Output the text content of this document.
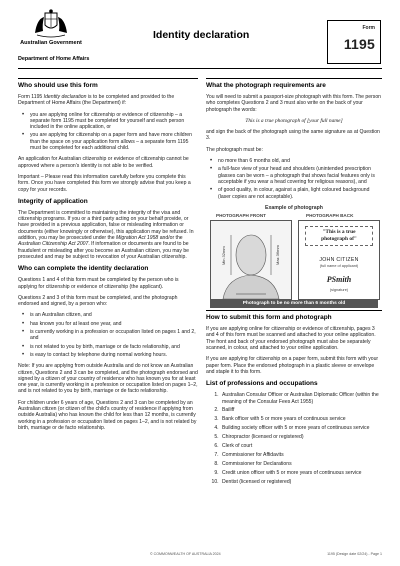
Australian Government
Department of Home Affairs
Identity declaration
Form
1195
Who should use this form

Form 1195 Identity declaration is to be completed and provided to the Department of Home Affairs (the Department) if:

• you are applying online for citizenship or evidence of citizenship – a separate form 1195 must be completed for yourself and each person included in the online application, or
• you are applying for citizenship on a paper form and have more children than the space on your application form allows – a separate form 1195 must be completed for each additional child.

An application for Australian citizenship or evidence of citizenship cannot be approved where a person's identity is not able to be verified.

Important – Please read this information carefully before you complete this form. Once you have completed this form we strongly advise that you keep a copy for your records.

Integrity of application

The Department is committed to maintaining the integrity of the visa and citizenship programs. If you or a third party acting on your behalf provide, or have provided in a previous application, false or misleading information or documents (either knowingly or otherwise), this application may be refused. In addition, you may be prosecuted under the Migration Act 1958 and/or the Australian Citizenship Act 2007. If information or documents are found to be fraudulent or misleading after you become an Australian citizen, you may be prosecuted and may be subject to revocation of your Australian citizenship.

Who can complete the identity declaration

Questions 1 and 4 of this form must be completed by the person who is applying for citizenship or evidence of citizenship (the applicant).

Questions 2 and 3 of this form must be completed, and the photograph endorsed and signed, by a person who:

• is an Australian citizen, and
• has known you for at least one year, and
• is currently working in a profession or occupation listed on pages 1 and 2, and
• is not related to you by birth, marriage or de facto relationship, and
• is easy to contact by telephone during normal working hours.

Note: If you are applying from outside Australia and do not know an Australian citizen, Questions 2 and 3 can be completed, and the photograph endorsed and signed by a citizen of your country of residence who has known you for at least one year, is currently working in a profession or occupation listed on pages 1–2, and is not related to you by birth, marriage or de facto relationship.

For children under 6 years of age, Questions 2 and 3 can be completed by an Australian citizen (or citizen of the child's country of residence if applying from outside Australia) who has known the child for less than 12 months, is currently working in a profession or occupation listed on pages 1–2, and is not related by birth, marriage or de facto relationship.

What the photograph requirements are

You will need to submit a passport-size photograph with this form. The person who completes Questions 2 and 3 must also write on the back of your photograph the words:

This is a true photograph of [your full name]

and sign the back of the photograph using the same signature as at Question 3.

The photograph must be:

• no more than 6 months old, and
• a full-face view of your head and shoulders (unintended prescription glasses can be worn – a photograph that shows facial features only is acceptable if you wear a head covering for religious reasons), and
• of good quality, in colour, against a plain, light coloured background (laser copies are not acceptable).
Example of photograph
PHOTOGRAPH FRONT	PHOTOGRAPH BACK
Min 32mm	Max 36mm
"This is a true
photograph of"
JOHN CITIZEN
(full name of applicant)
PSmith
(signature)
Photograph to be no more than 6 months old
How to submit this form and photograph

If you are applying online for citizenship or evidence of citizenship, pages 3 and 4 of this form must be scanned and attached to your online application. The front and back of your endorsed photograph must also be separately scanned, in colour, and attached to your online application.

If you are applying for citizenship on a paper form, submit this form with your paper form. Place the endorsed photograph in a plastic sleeve or envelope and staple it to this form.

List of professions and occupations
1. Australian Consular Officer or Australian Diplomatic Officer (within the meaning of the Consular Fees Act 1955)
2. Bailiff
3. Bank officer with 5 or more years of continuous service
4. Building society officer with 5 or more years of continuous service
5. Chiropractor (licensed or registered)
6. Clerk of court
7. Commissioner for Affidavits
8. Commissioner for Declarations
9. Credit union officer with 5 or more years of continuous service
10. Dentist (licensed or registered)
© COMMONWEALTH OF AUSTRALIA 2024	1195 (Design date 02/24) - Page 1
